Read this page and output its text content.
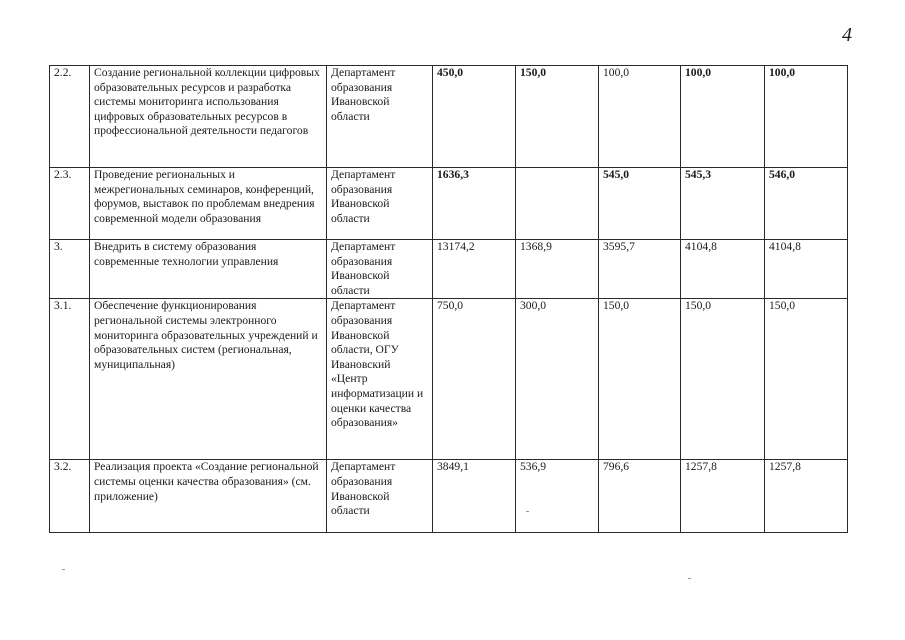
4
2.2.	Создание региональной коллекции цифровых образовательных ресурсов и разработка системы мониторинга использования цифровых образовательных ресурсов в профессиональной деятельности педагогов	Департамент образования Ивановской области	450,0	150,0	100,0	100,0	100,0
2.3.	Проведение региональных и межрегиональных семинаров, конференций, форумов, выставок по проблемам внедрения современной модели образования	Департамент образования Ивановской области	1636,3		545,0	545,3	546,0
3.	Внедрить в систему образования современные технологии управления	Департамент образования Ивановской области	13174,2	1368,9	3595,7	4104,8	4104,8
3.1.	Обеспечение функционирования региональной системы электронного мониторинга образовательных учреждений и образовательных систем (региональная, муниципальная)	Департамент образования Ивановской области, ОГУ Ивановский «Центр информатизации и оценки качества образования»	750,0	300,0	150,0	150,0	150,0
3.2.	Реализация проекта «Создание региональной системы оценки качества образования» (см. приложение)	Департамент образования Ивановской области	3849,1	536,9	796,6	1257,8	1257,8
